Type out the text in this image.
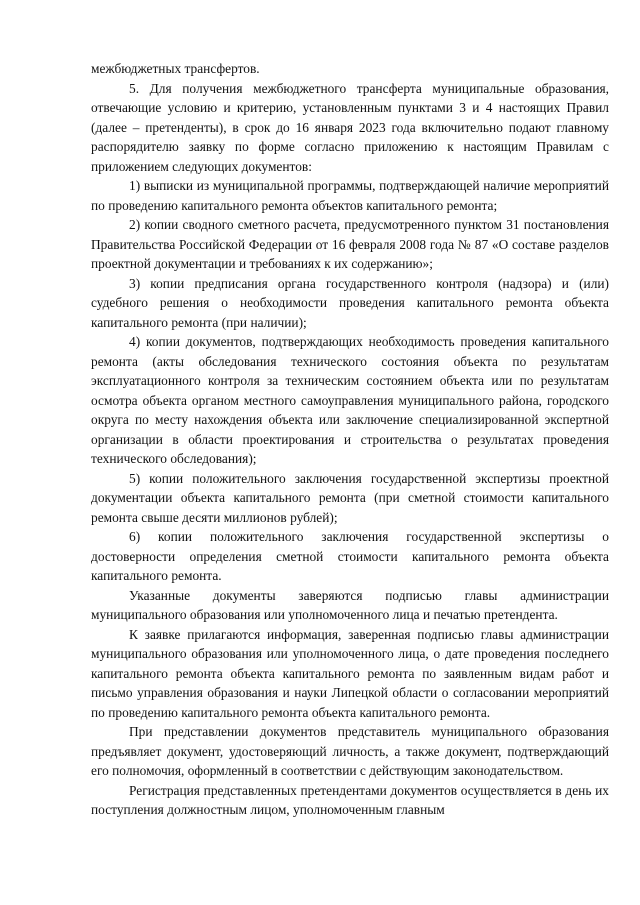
межбюджетных трансфертов.

5. Для получения межбюджетного трансферта муниципальные образования, отвечающие условию и критерию, установленным пунктами 3 и 4 настоящих Правил (далее – претенденты), в срок до 16 января 2023 года включительно подают главному распорядителю заявку по форме согласно приложению к настоящим Правилам с приложением следующих документов:

1) выписки из муниципальной программы, подтверждающей наличие мероприятий по проведению капитального ремонта объектов капитального ремонта;

2) копии сводного сметного расчета, предусмотренного пунктом 31 постановления Правительства Российской Федерации от 16 февраля 2008 года № 87 «О составе разделов проектной документации и требованиях к их содержанию»;

3) копии предписания органа государственного контроля (надзора) и (или) судебного решения о необходимости проведения капитального ремонта объекта капитального ремонта (при наличии);

4) копии документов, подтверждающих необходимость проведения капитального ремонта (акты обследования технического состояния объекта по результатам эксплуатационного контроля за техническим состоянием объекта или по результатам осмотра объекта органом местного самоуправления муниципального района, городского округа по месту нахождения объекта или заключение специализированной экспертной организации в области проектирования и строительства о результатах проведения технического обследования);

5) копии положительного заключения государственной экспертизы проектной документации объекта капитального ремонта (при сметной стоимости капитального ремонта свыше десяти миллионов рублей);

6) копии положительного заключения государственной экспертизы о достоверности определения сметной стоимости капитального ремонта объекта капитального ремонта.

Указанные документы заверяются подписью главы администрации муниципального образования или уполномоченного лица и печатью претендента.

К заявке прилагаются информация, заверенная подписью главы администрации муниципального образования или уполномоченного лица, о дате проведения последнего капитального ремонта объекта капитального ремонта по заявленным видам работ и письмо управления образования и науки Липецкой области о согласовании мероприятий по проведению капитального ремонта объекта капитального ремонта.

При представлении документов представитель муниципального образования предъявляет документ, удостоверяющий личность, а также документ, подтверждающий его полномочия, оформленный в соответствии с действующим законодательством.

Регистрация представленных претендентами документов осуществляется в день их поступления должностным лицом, уполномоченным главным
